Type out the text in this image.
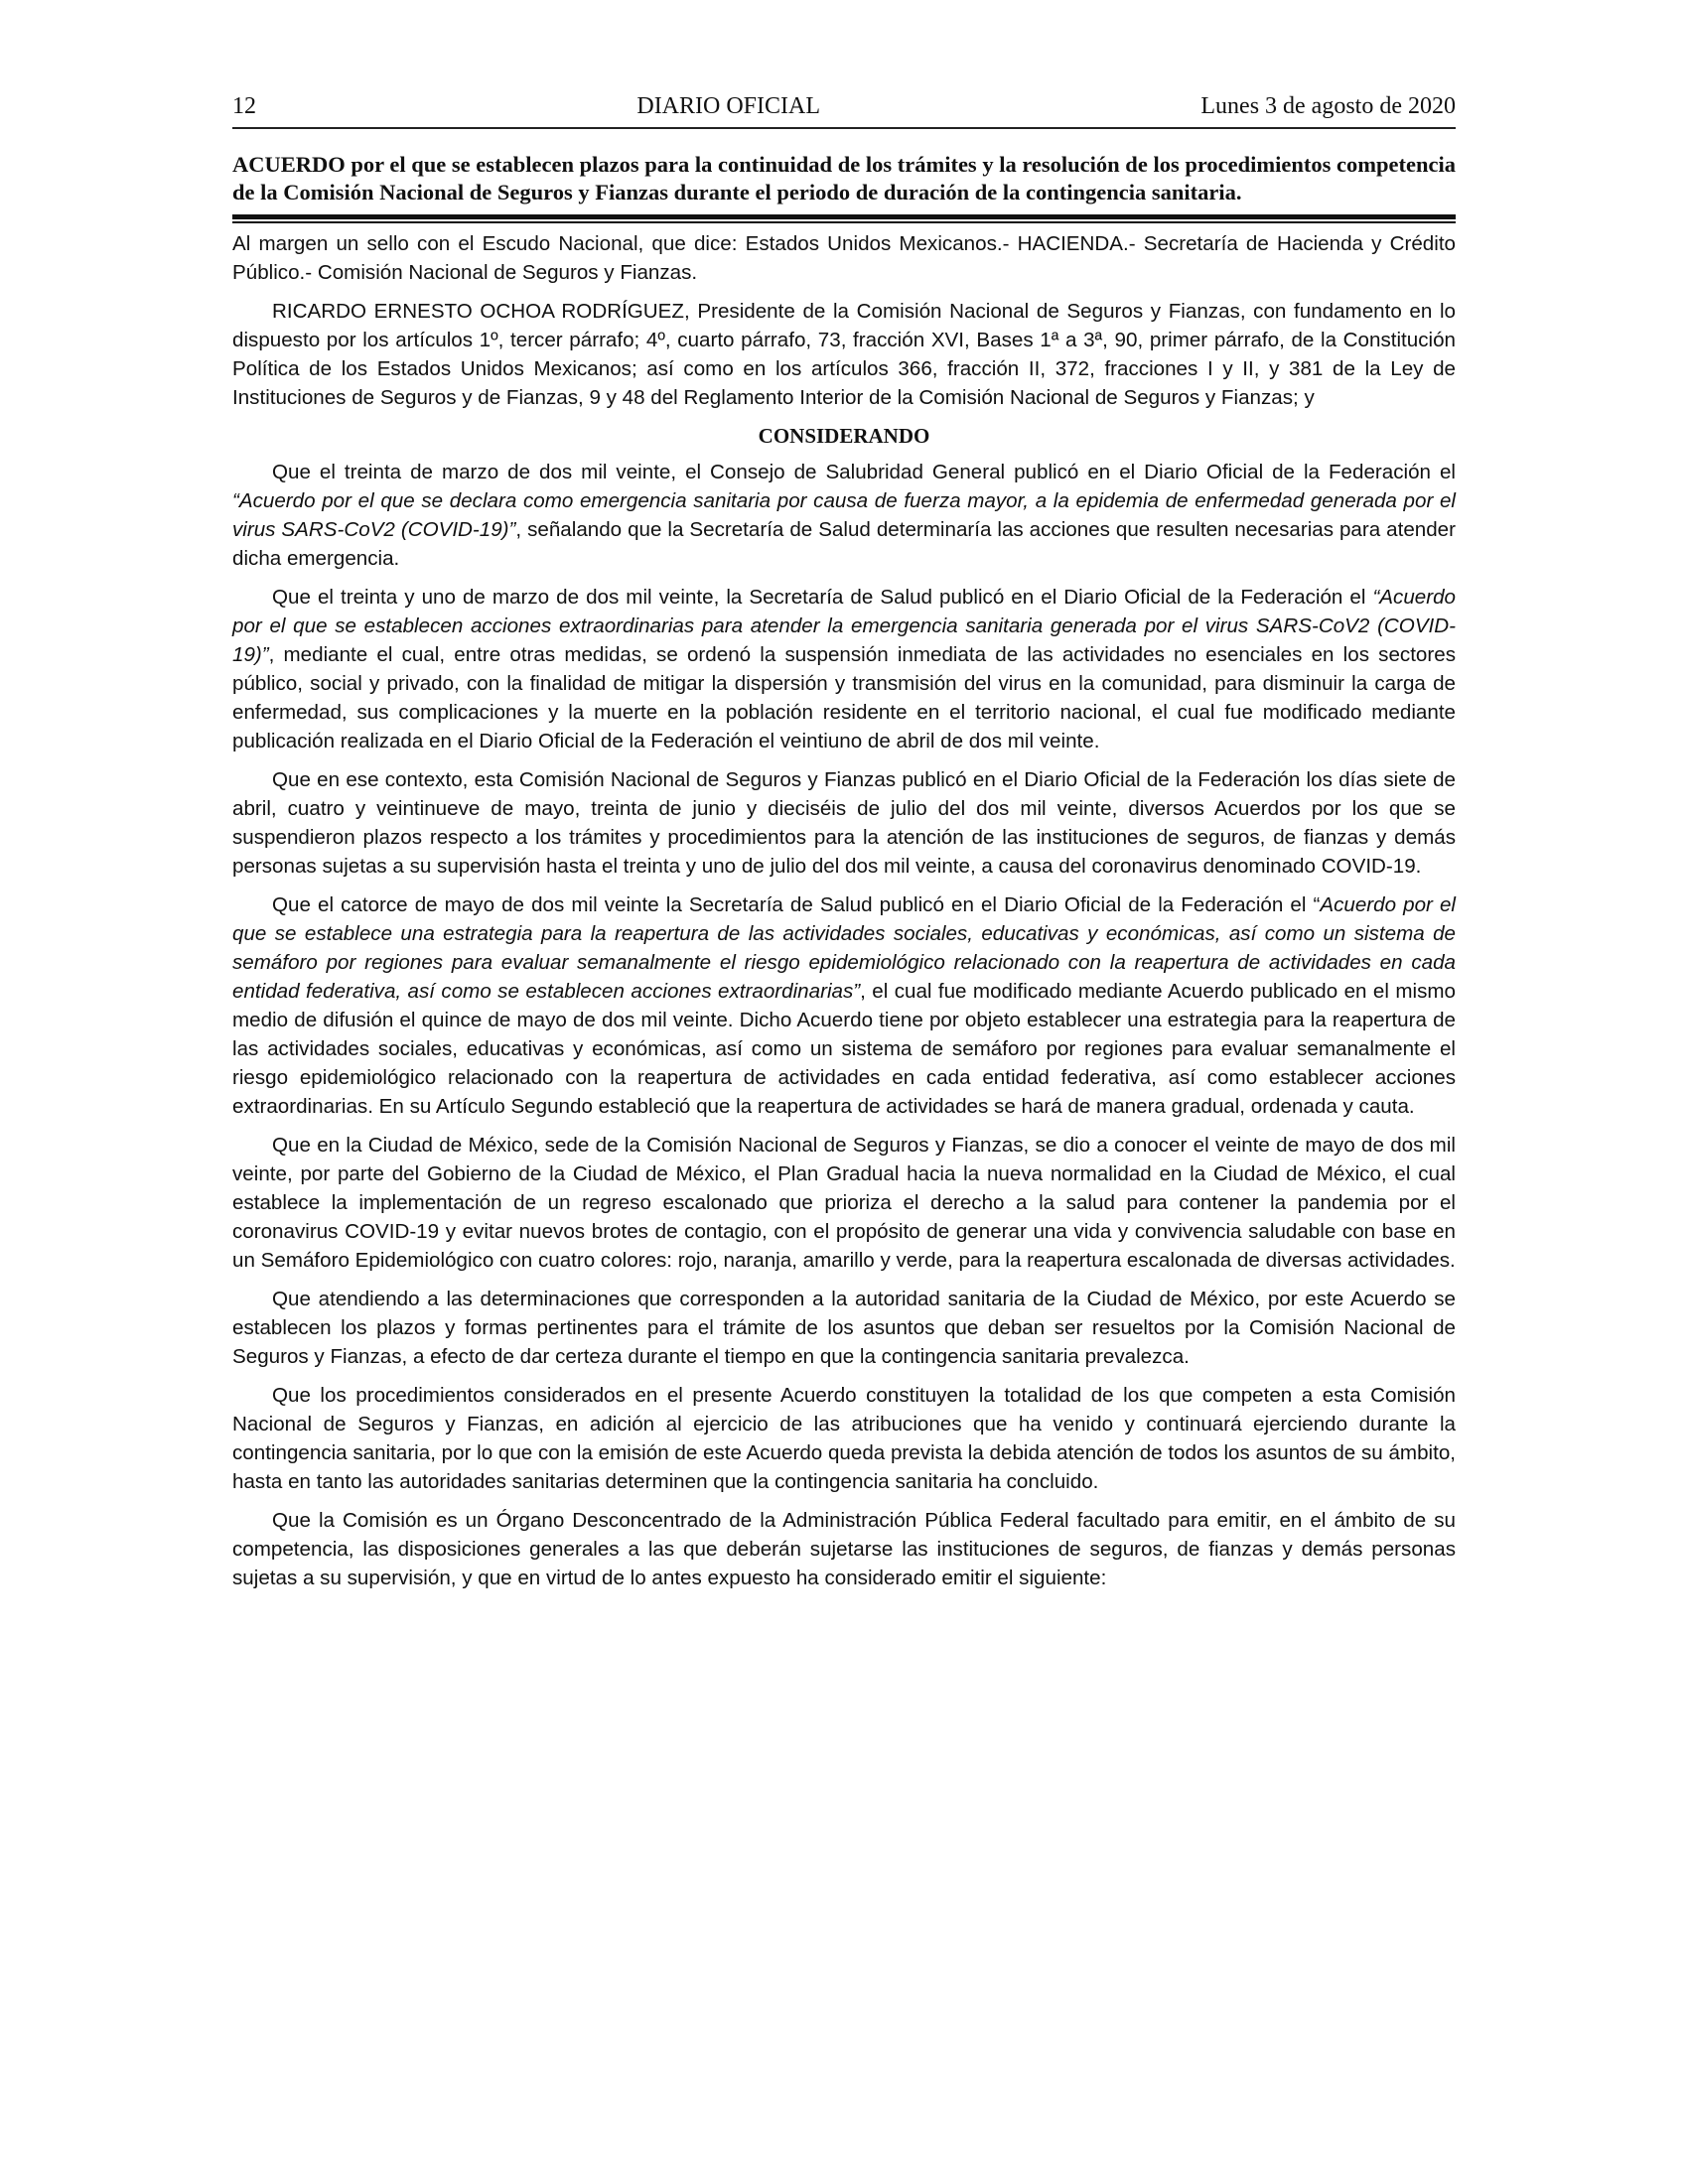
12	DIARIO OFICIAL	Lunes 3 de agosto de 2020
ACUERDO por el que se establecen plazos para la continuidad de los trámites y la resolución de los procedimientos competencia de la Comisión Nacional de Seguros y Fianzas durante el periodo de duración de la contingencia sanitaria.

Al margen un sello con el Escudo Nacional, que dice: Estados Unidos Mexicanos.- HACIENDA.- Secretaría de Hacienda y Crédito Público.- Comisión Nacional de Seguros y Fianzas.

RICARDO ERNESTO OCHOA RODRÍGUEZ, Presidente de la Comisión Nacional de Seguros y Fianzas, con fundamento en lo dispuesto por los artículos 1º, tercer párrafo; 4º, cuarto párrafo, 73, fracción XVI, Bases 1ª a 3ª, 90, primer párrafo, de la Constitución Política de los Estados Unidos Mexicanos; así como en los artículos 366, fracción II, 372, fracciones I y II, y 381 de la Ley de Instituciones de Seguros y de Fianzas, 9 y 48 del Reglamento Interior de la Comisión Nacional de Seguros y Fianzas; y

CONSIDERANDO

Que el treinta de marzo de dos mil veinte, el Consejo de Salubridad General publicó en el Diario Oficial de la Federación el “Acuerdo por el que se declara como emergencia sanitaria por causa de fuerza mayor, a la epidemia de enfermedad generada por el virus SARS-CoV2 (COVID-19)”, señalando que la Secretaría de Salud determinaría las acciones que resulten necesarias para atender dicha emergencia.

Que el treinta y uno de marzo de dos mil veinte, la Secretaría de Salud publicó en el Diario Oficial de la Federación el “Acuerdo por el que se establecen acciones extraordinarias para atender la emergencia sanitaria generada por el virus SARS-CoV2 (COVID-19)”, mediante el cual, entre otras medidas, se ordenó la suspensión inmediata de las actividades no esenciales en los sectores público, social y privado, con la finalidad de mitigar la dispersión y transmisión del virus en la comunidad, para disminuir la carga de enfermedad, sus complicaciones y la muerte en la población residente en el territorio nacional, el cual fue modificado mediante publicación realizada en el Diario Oficial de la Federación el veintiuno de abril de dos mil veinte.

Que en ese contexto, esta Comisión Nacional de Seguros y Fianzas publicó en el Diario Oficial de la Federación los días siete de abril, cuatro y veintinueve de mayo, treinta de junio y dieciséis de julio del dos mil veinte, diversos Acuerdos por los que se suspendieron plazos respecto a los trámites y procedimientos para la atención de las instituciones de seguros, de fianzas y demás personas sujetas a su supervisión hasta el treinta y uno de julio del dos mil veinte, a causa del coronavirus denominado COVID-19.

Que el catorce de mayo de dos mil veinte la Secretaría de Salud publicó en el Diario Oficial de la Federación el “Acuerdo por el que se establece una estrategia para la reapertura de las actividades sociales, educativas y económicas, así como un sistema de semáforo por regiones para evaluar semanalmente el riesgo epidemiológico relacionado con la reapertura de actividades en cada entidad federativa, así como se establecen acciones extraordinarias”, el cual fue modificado mediante Acuerdo publicado en el mismo medio de difusión el quince de mayo de dos mil veinte. Dicho Acuerdo tiene por objeto establecer una estrategia para la reapertura de las actividades sociales, educativas y económicas, así como un sistema de semáforo por regiones para evaluar semanalmente el riesgo epidemiológico relacionado con la reapertura de actividades en cada entidad federativa, así como establecer acciones extraordinarias. En su Artículo Segundo estableció que la reapertura de actividades se hará de manera gradual, ordenada y cauta.

Que en la Ciudad de México, sede de la Comisión Nacional de Seguros y Fianzas, se dio a conocer el veinte de mayo de dos mil veinte, por parte del Gobierno de la Ciudad de México, el Plan Gradual hacia la nueva normalidad en la Ciudad de México, el cual establece la implementación de un regreso escalonado que prioriza el derecho a la salud para contener la pandemia por el coronavirus COVID-19 y evitar nuevos brotes de contagio, con el propósito de generar una vida y convivencia saludable con base en un Semáforo Epidemiológico con cuatro colores: rojo, naranja, amarillo y verde, para la reapertura escalonada de diversas actividades.

Que atendiendo a las determinaciones que corresponden a la autoridad sanitaria de la Ciudad de México, por este Acuerdo se establecen los plazos y formas pertinentes para el trámite de los asuntos que deban ser resueltos por la Comisión Nacional de Seguros y Fianzas, a efecto de dar certeza durante el tiempo en que la contingencia sanitaria prevalezca.

Que los procedimientos considerados en el presente Acuerdo constituyen la totalidad de los que competen a esta Comisión Nacional de Seguros y Fianzas, en adición al ejercicio de las atribuciones que ha venido y continuará ejerciendo durante la contingencia sanitaria, por lo que con la emisión de este Acuerdo queda prevista la debida atención de todos los asuntos de su ámbito, hasta en tanto las autoridades sanitarias determinen que la contingencia sanitaria ha concluido.

Que la Comisión es un Órgano Desconcentrado de la Administración Pública Federal facultado para emitir, en el ámbito de su competencia, las disposiciones generales a las que deberán sujetarse las instituciones de seguros, de fianzas y demás personas sujetas a su supervisión, y que en virtud de lo antes expuesto ha considerado emitir el siguiente:
